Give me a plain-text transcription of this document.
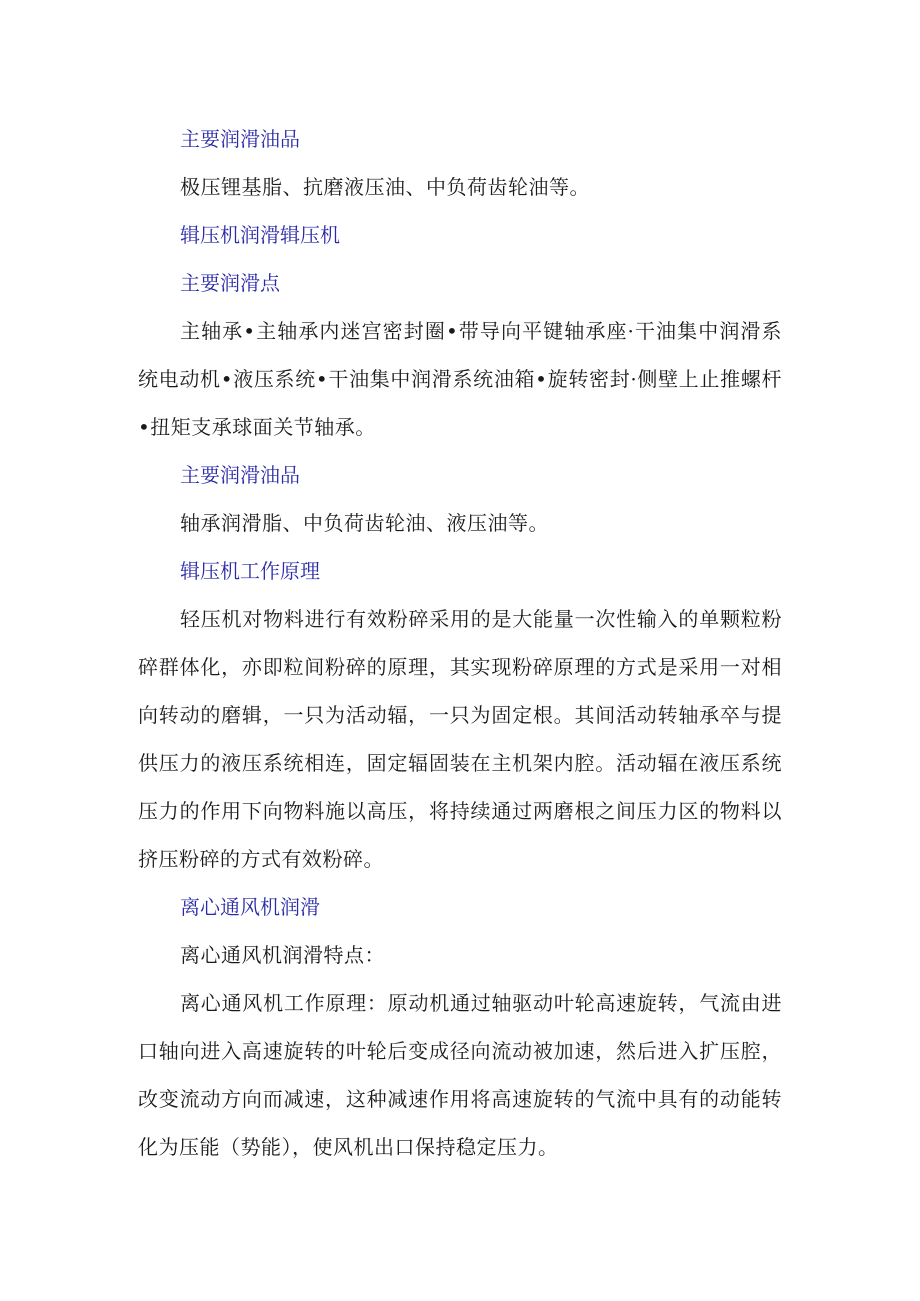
主要润滑油品

极压锂基脂、抗磨液压油、中负荷齿轮油等。

辑压机润滑辑压机

主要润滑点

主轴承•主轴承内迷宫密封圈•带导向平键轴承座·干油集中润滑系统电动机•液压系统•干油集中润滑系统油箱•旋转密封·侧壁上止推螺杆•扭矩支承球面关节轴承。

主要润滑油品

轴承润滑脂、中负荷齿轮油、液压油等。

辑压机工作原理

轻压机对物料进行有效粉碎采用的是大能量一次性输入的单颗粒粉碎群体化，亦即粒间粉碎的原理，其实现粉碎原理的方式是采用一对相向转动的磨辑，一只为活动辐，一只为固定根。其间活动转轴承卒与提供压力的液压系统相连，固定辐固装在主机架内腔。活动辐在液压系统压力的作用下向物料施以高压，将持续通过两磨根之间压力区的物料以挤压粉碎的方式有效粉碎。

离心通风机润滑

离心通风机润滑特点：

离心通风机工作原理：原动机通过轴驱动叶轮高速旋转，气流由进口轴向进入高速旋转的叶轮后变成径向流动被加速，然后进入扩压腔，改变流动方向而减速，这种减速作用将高速旋转的气流中具有的动能转化为压能（势能），使风机出口保持稳定压力。
